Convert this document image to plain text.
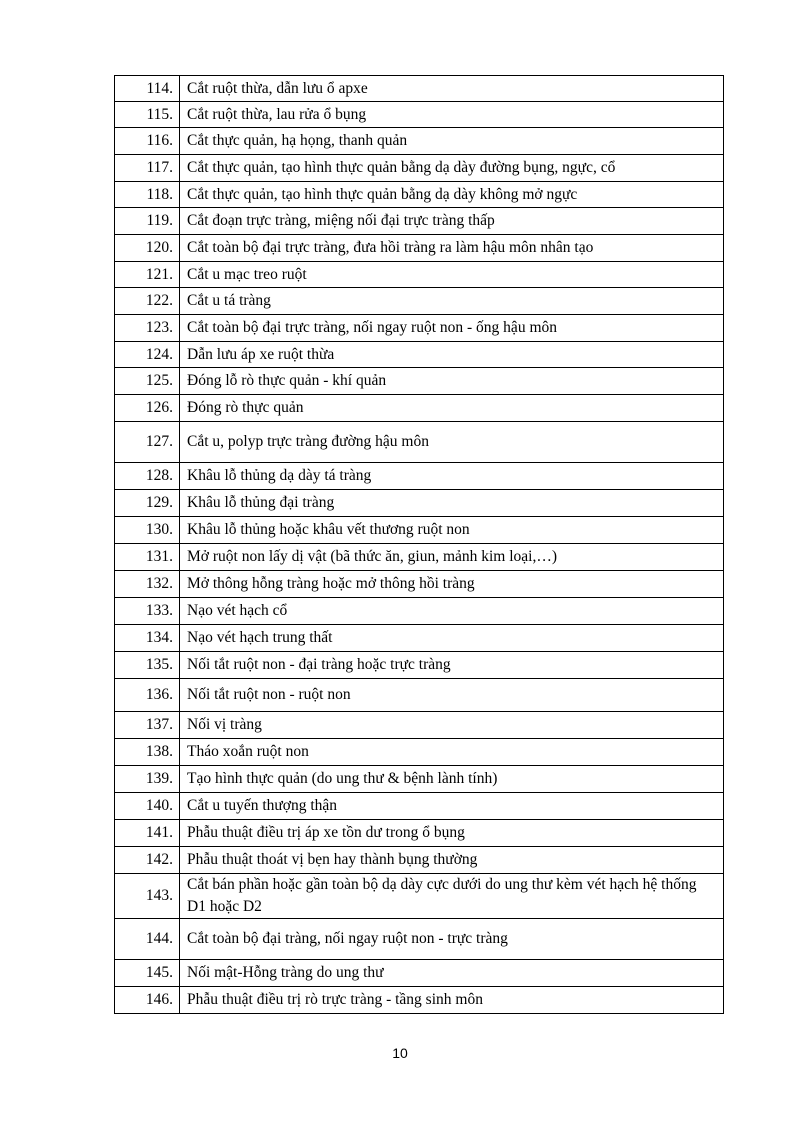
114.	Cắt ruột thừa, dẫn lưu ổ apxe
115.	Cắt ruột thừa, lau rửa ổ bụng
116.	Cắt thực quản, hạ họng, thanh quản
117.	Cắt thực quản, tạo hình thực quản bằng dạ dày đường bụng, ngực, cổ
118.	Cắt thực quản, tạo hình thực quản bằng dạ dày không mở ngực
119.	Cắt đoạn trực tràng, miệng nối đại trực tràng thấp
120.	Cắt toàn bộ đại trực tràng, đưa hồi tràng ra làm hậu môn nhân tạo
121.	Cắt u mạc treo ruột
122.	Cắt u tá tràng
123.	Cắt toàn bộ đại trực tràng, nối ngay ruột non - ống hậu môn
124.	Dẫn lưu áp xe ruột thừa
125.	Đóng lỗ rò thực quản - khí quản
126.	Đóng rò thực quản
127.	Cắt u, polyp trực tràng đường hậu môn
128.	Khâu lỗ thủng dạ dày tá tràng
129.	Khâu lỗ thủng đại tràng
130.	Khâu lỗ thủng hoặc khâu vết thương ruột non
131.	Mở ruột non lấy dị vật (bã thức ăn, giun, mảnh kim loại,…)
132.	Mở thông hỗng tràng hoặc mở thông hồi tràng
133.	Nạo vét hạch cổ
134.	Nạo vét hạch trung thất
135.	Nối tắt ruột non - đại tràng hoặc trực tràng
136.	Nối tắt ruột non - ruột non
137.	Nối vị tràng
138.	Tháo xoắn ruột non
139.	Tạo hình thực quản (do ung thư & bệnh lành tính)
140.	Cắt u tuyến thượng thận
141.	Phẫu thuật điều trị áp xe tồn dư trong ổ bụng
142.	Phẫu thuật thoát vị bẹn hay thành bụng thường
143.	Cắt bán phần hoặc gần toàn bộ dạ dày cực dưới do ung thư kèm vét hạch hệ thống D1 hoặc D2
144.	Cắt toàn bộ đại tràng, nối ngay ruột non - trực tràng
145.	Nối mật-Hỗng tràng do ung thư
146.	Phẫu thuật điều trị rò trực tràng - tầng sinh môn
10
